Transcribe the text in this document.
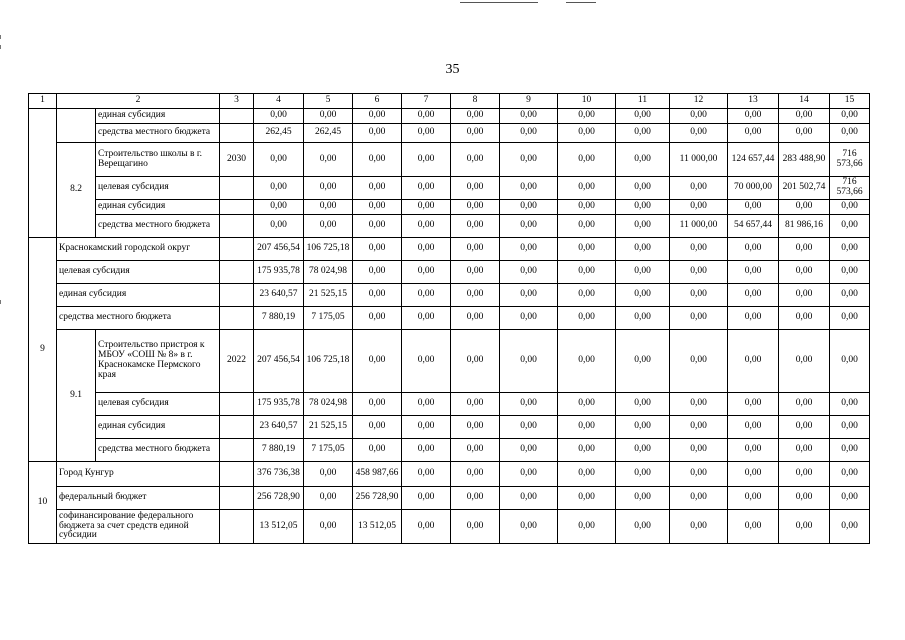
35
1	2		3	4	5	6	7	8	9	10	11	12	13	14	15
		единая субсидия		0,00	0,00	0,00	0,00	0,00	0,00	0,00	0,00	0,00	0,00	0,00	0,00
		средства местного бюджета		262,45	262,45	0,00	0,00	0,00	0,00	0,00	0,00	0,00	0,00	0,00	0,00
	8.2	Строительство школы в г. Верещагино	2030	0,00	0,00	0,00	0,00	0,00	0,00	0,00	0,00	11 000,00	124 657,44	283 488,90	716 573,66
		целевая субсидия		0,00	0,00	0,00	0,00	0,00	0,00	0,00	0,00	0,00	70 000,00	201 502,74	716 573,66
		единая субсидия		0,00	0,00	0,00	0,00	0,00	0,00	0,00	0,00	0,00	0,00	0,00	0,00
		средства местного бюджета		0,00	0,00	0,00	0,00	0,00	0,00	0,00	0,00	11 000,00	54 657,44	81 986,16	0,00
9	Краснокамский городской округ			207 456,54	106 725,18	0,00	0,00	0,00	0,00	0,00	0,00	0,00	0,00	0,00	0,00
	целевая субсидия			175 935,78	78 024,98	0,00	0,00	0,00	0,00	0,00	0,00	0,00	0,00	0,00	0,00
	единая субсидия			23 640,57	21 525,15	0,00	0,00	0,00	0,00	0,00	0,00	0,00	0,00	0,00	0,00
	средства местного бюджета			7 880,19	7 175,05	0,00	0,00	0,00	0,00	0,00	0,00	0,00	0,00	0,00	0,00
	9.1	Строительство пристроя к МБОУ «СОШ № 8» в г. Краснокамске Пермского края	2022	207 456,54	106 725,18	0,00	0,00	0,00	0,00	0,00	0,00	0,00	0,00	0,00	0,00
		целевая субсидия		175 935,78	78 024,98	0,00	0,00	0,00	0,00	0,00	0,00	0,00	0,00	0,00	0,00
		единая субсидия		23 640,57	21 525,15	0,00	0,00	0,00	0,00	0,00	0,00	0,00	0,00	0,00	0,00
		средства местного бюджета		7 880,19	7 175,05	0,00	0,00	0,00	0,00	0,00	0,00	0,00	0,00	0,00	0,00
10	Город Кунгур			376 736,38	0,00	458 987,66	0,00	0,00	0,00	0,00	0,00	0,00	0,00	0,00	0,00
	федеральный бюджет			256 728,90	0,00	256 728,90	0,00	0,00	0,00	0,00	0,00	0,00	0,00	0,00	0,00
	софинансирование федерального бюджета за счет средств единой субсидии			13 512,05	0,00	13 512,05	0,00	0,00	0,00	0,00	0,00	0,00	0,00	0,00	0,00
